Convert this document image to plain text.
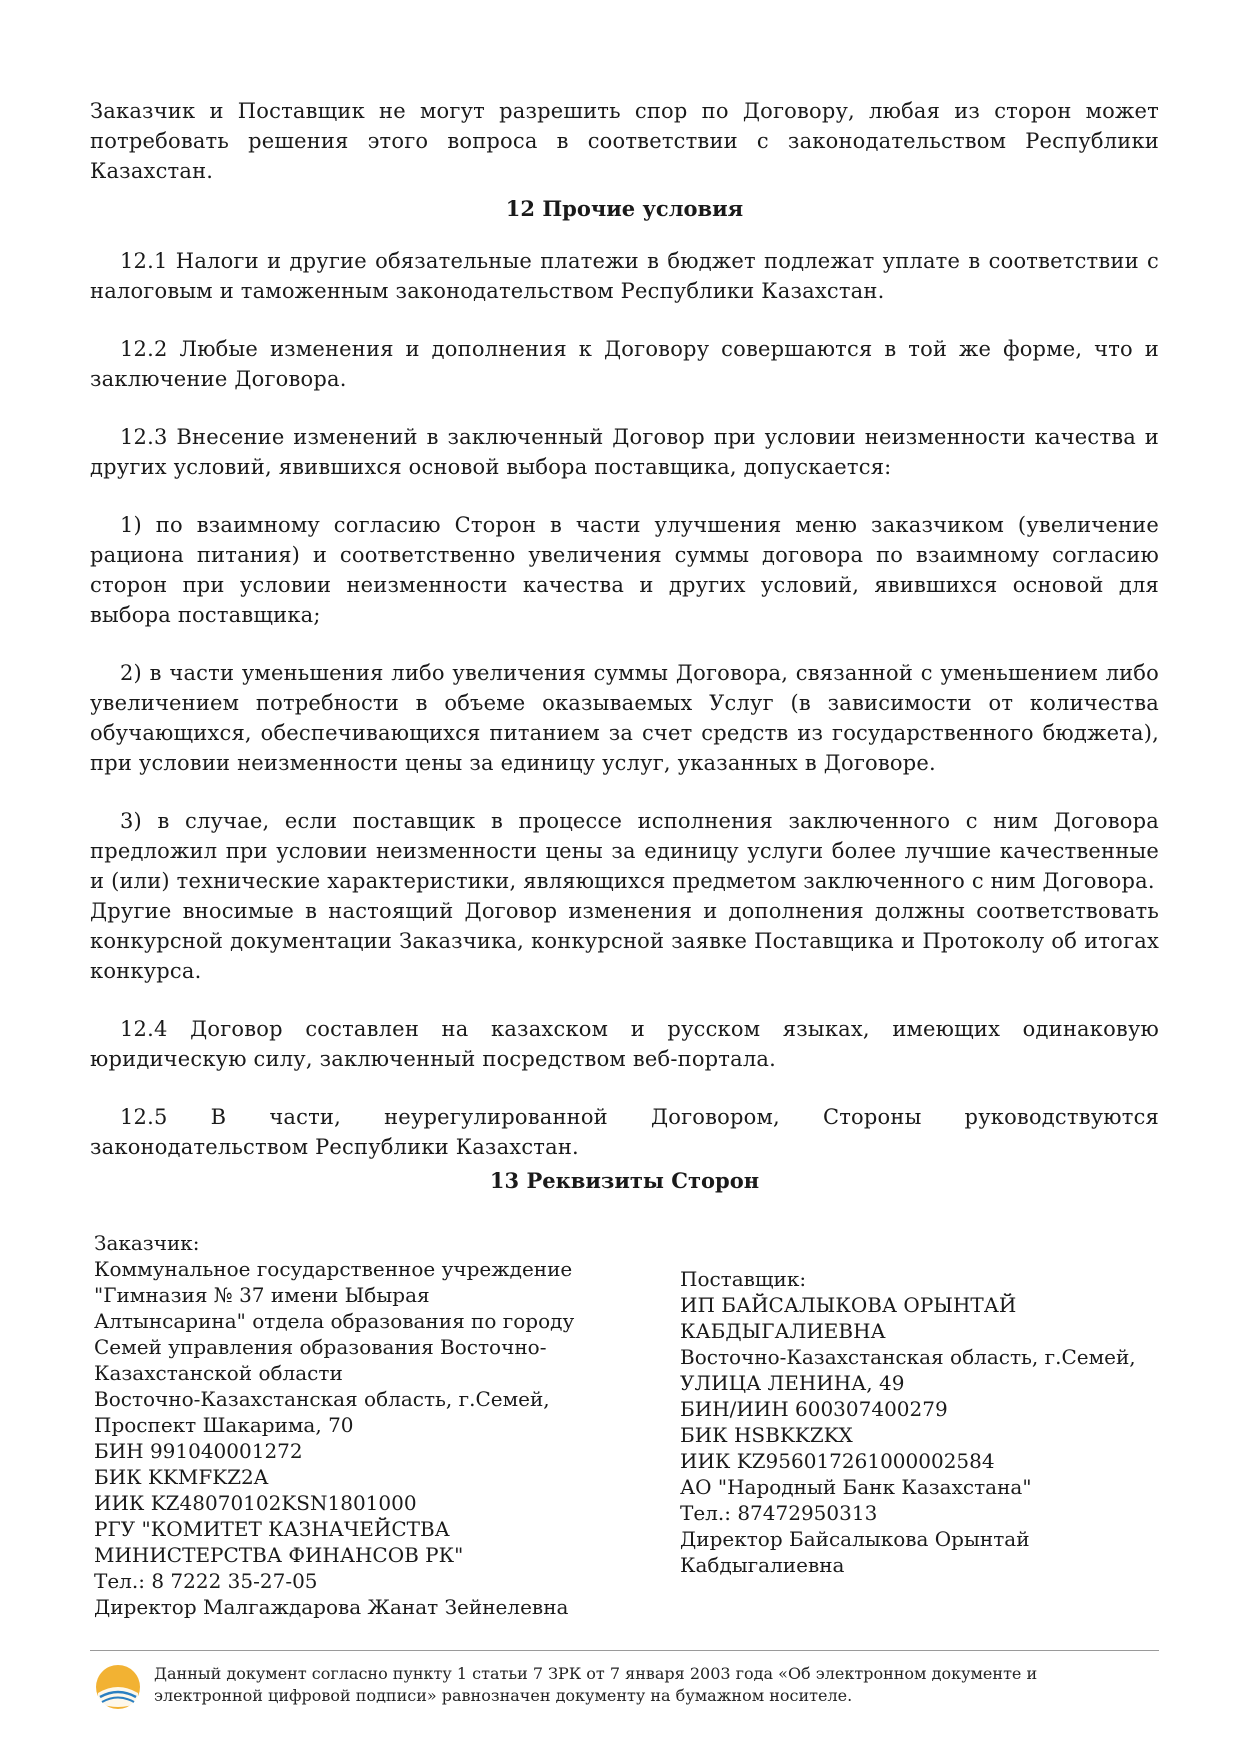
Заказчик и Поставщик не могут разрешить спор по Договору, любая из сторон может потребовать решения этого вопроса в соответствии с законодательством Республики Казахстан.

12 Прочие условия

12.1 Налоги и другие обязательные платежи в бюджет подлежат уплате в соответствии с налоговым и таможенным законодательством Республики Казахстан.

12.2 Любые изменения и дополнения к Договору совершаются в той же форме, что и заключение Договора.

12.3 Внесение изменений в заключенный Договор при условии неизменности качества и других условий, явившихся основой выбора поставщика, допускается:

1) по взаимному согласию Сторон в части улучшения меню заказчиком (увеличение рациона питания) и соответственно увеличения суммы договора по взаимному согласию сторон при условии неизменности качества и других условий, явившихся основой для выбора поставщика;

2) в части уменьшения либо увеличения суммы Договора, связанной с уменьшением либо увеличением потребности в объеме оказываемых Услуг (в зависимости от количества обучающихся, обеспечивающихся питанием за счет средств из государственного бюджета), при условии неизменности цены за единицу услуг, указанных в Договоре.

3) в случае, если поставщик в процессе исполнения заключенного с ним Договора предложил при условии неизменности цены за единицу услуги более лучшие качественные и (или) технические характеристики, являющихся предметом заключенного с ним Договора.

Другие вносимые в настоящий Договор изменения и дополнения должны соответствовать конкурсной документации Заказчика, конкурсной заявке Поставщика и Протоколу об итогах конкурса.

12.4 Договор составлен на казахском и русском языках, имеющих одинаковую юридическую силу, заключенный посредством веб-портала.

12.5 В части, неурегулированной Договором, Стороны руководствуются законодательством Республики Казахстан.

13 Реквизиты Сторон
Заказчик:
Коммунальное государственное учреждение
"Гимназия № 37 имени Ыбырая
Алтынсарина" отдела образования по городу
Семей управления образования Восточно-
Казахстанской области
Восточно-Казахстанская область, г.Семей,
Проспект Шакарима, 70
БИН 991040001272
БИК KKMFKZ2A
ИИК KZ48070102KSN1801000
РГУ "КОМИТЕТ КАЗНАЧЕЙСТВА
МИНИСТЕРСТВА ФИНАНСОВ РК"
Тел.: 8 7222 35-27-05
Директор Малгаждарова Жанат Зейнелевна
Поставщик:
ИП БАЙСАЛЫКОВА ОРЫНТАЙ
КАБДЫГАЛИЕВНА
Восточно-Казахстанская область, г.Семей,
УЛИЦА ЛЕНИНА, 49
БИН/ИИН 600307400279
БИК HSBKKZKX
ИИК KZ956017261000002584
АО "Народный Банк Казахстана"
Тел.: 87472950313
Директор Байсалыкова Орынтай
Кабдыгалиевна
Данный документ согласно пункту 1 статьи 7 ЗРК от 7 января 2003 года «Об электронном документе и
электронной цифровой подписи» равнозначен документу на бумажном носителе.
